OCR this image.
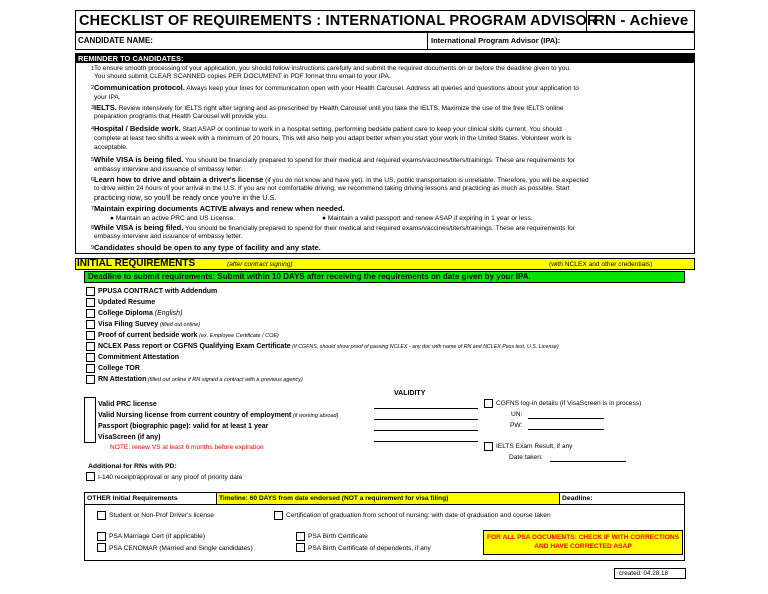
CHECKLIST OF REQUIREMENTS : INTERNATIONAL PROGRAM ADVISOR
RN - Achieve
CANDIDATE NAME:	International Program Advisor (IPA):
REMINDER TO CANDIDATES:
1 To ensure smooth processing of your application, you should follow instructions carefully and submit the required documents on or before the deadline given to you.
You should submit CLEAR SCANNED copies PER DOCUMENT in PDF format thru email to your IPA.
2 Communication protocol. Always keep your lines for communication open with your Health Carousel. Address all queries and questions about your application to
your IPA.
3 IELTS. Review intensively for IELTS right after signing and as prescribed by Health Carousel until you take the IELTS. Maximize the use of the free IELTS online
preparation programs that Health Carousel will provide you.
4 Hospital / Bedside work. Start ASAP or continue to work in a hospital setting, performing bedside patient care to keep your clinical skills current. You should
complete at least two shifts a week with a minimum of 20 hours. This will also help you adapt better when you start your work in the United States. Volunteer work is
acceptable.
5 While VISA is being filed. You should be financially prepared to spend for their medical and required exams/vaccines/titers/trainings. These are requirements for
embassy interview and issuance of embassy letter.
6 Learn how to drive and obtain a driver's license (if you do not know and have yet). In the US, public transportation is unreliable. Therefore, you will be expected
to drive within 24 hours of your arrival in the U.S. If you are not comfortable driving, we recommend taking driving lessons and practicing as much as possible. Start
practicing now, so you'll be ready once you're in the U.S.
7 Maintain expiring documents ACTIVE always and renew when needed.
● Maintain an active PRC and US License.	● Maintain a valid passport and renew ASAP if expiring in 1 year or less.
8 While VISA is being filed. You should be financially prepared to spend for their medical and required exams/vaccines/titers/trainings. These are requirements for
embassy interview and issuance of embassy letter.
9 Candidates should be open to any type of facility and any state.
INITIAL REQUIREMENTS	(after contract signing)	(with NCLEX and other credentials)
Deadline to submit requirements: Submit within 10 DAYS after receiving the requirements on date given by your IPA.
PPUSA CONTRACT with Addendum
Updated Resume
College Diploma (English)
Visa Filing Survey (filled out online)
Proof of current bedside work (ex. Employee Certificate / COE)
NCLEX Pass report or CGFNS Qualifying Exam Certificate (If CGFNS, should show proof of passing NCLEX - any doc with name of RN and NCLEX Pass text, U.S. License)
Commitment Attestation
College TOR
RN Attestation (filled out online if RN signed a contract with a previous agency)
VALIDITY
Valid PRC license
Valid Nursing license from current country of employment (if working abroad)
Passport (biographic page): valid for at least 1 year
VisaScreen (if any)
NOTE: renew VS at least 6 months before expiration
CGFNS log-in details (if VisaScreen is in process)
UN:
PW:
IELTS Exam Result, if any
Date taken:
Additional for RNs with PD:
I-140 receipt/approval or any proof of priority date
OTHER Initial Requirements	Timeline: 60 DAYS from date endorsed (NOT a requirement for visa filing)	Deadline:
Student or Non-Prof Driver's license	Certification of graduation from school of nursing: with date of graduation and course taken
PSA Marriage Cert (if applicable)
PSA CENOMAR (Married and Single candidates)
PSA Birth Certificate
PSA Birth Certificate of dependents, if any
FOR ALL PSA DOCUMENTS: CHECK IF WITH CORRECTIONS AND HAVE CORRECTED ASAP
created: 04.28.18
